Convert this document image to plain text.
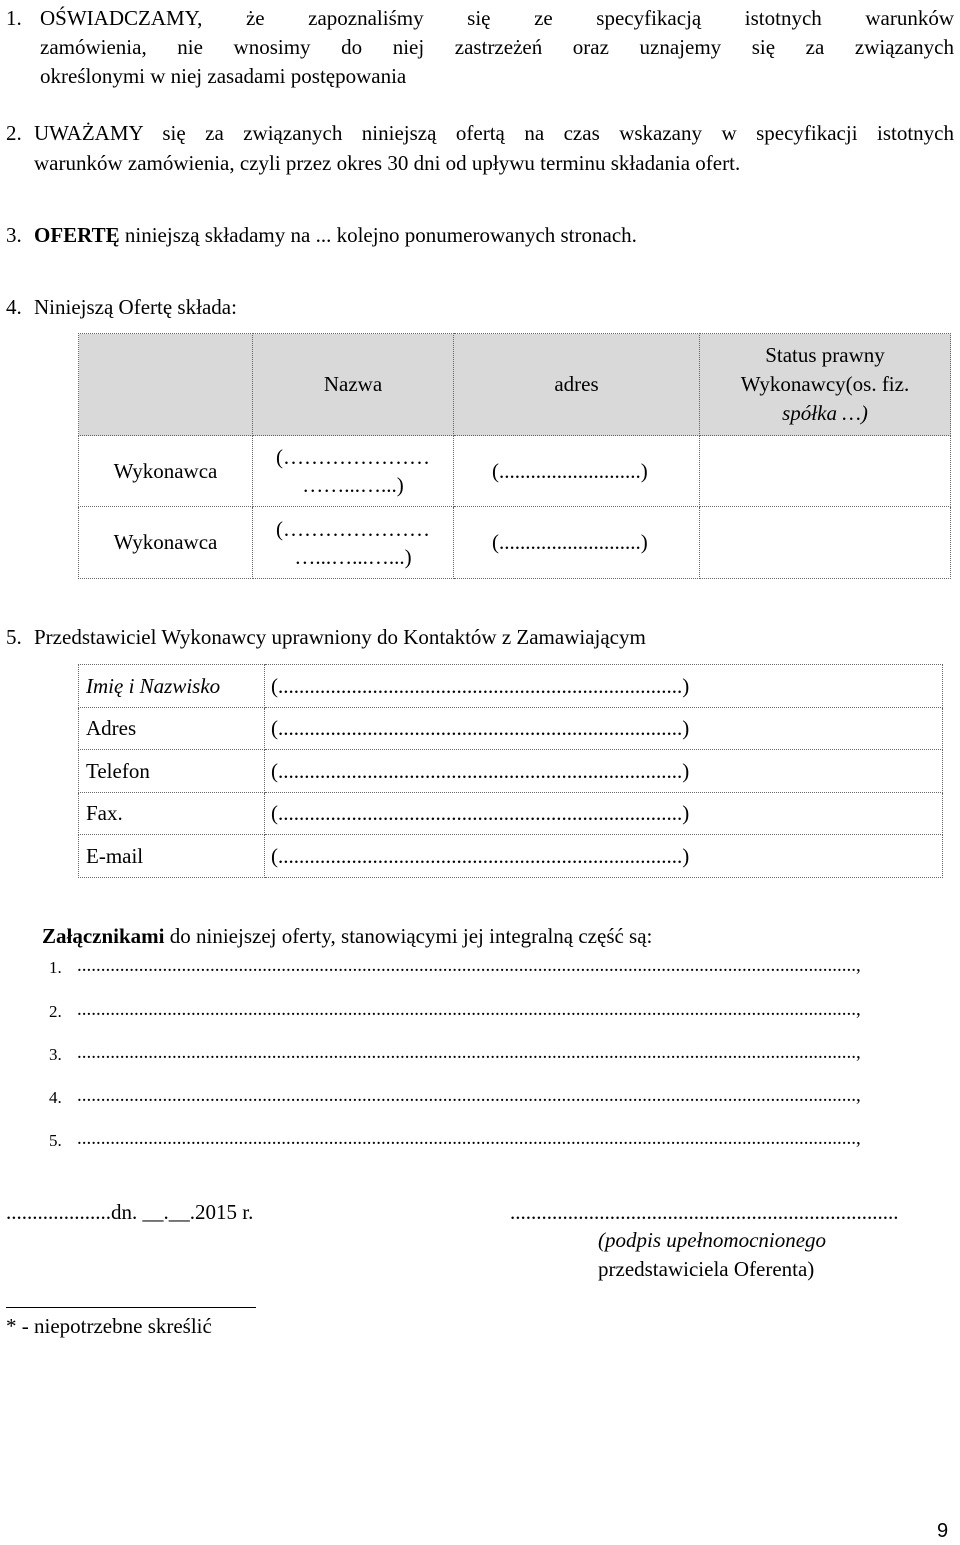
1. OŚWIADCZAMY, że zapoznaliśmy się ze specyfikacją istotnych warunków
zamówienia, nie wnosimy do niej zastrzeżeń oraz uznajemy się za związanych
określonymi w niej zasadami postępowania
2. UWAŻAMY się za związanych niniejszą ofertą na czas wskazany w specyfikacji istotnych
warunków zamówienia, czyli przez okres 30 dni od upływu terminu składania ofert.
3. OFERTĘ niniejszą składamy na ... kolejno ponumerowanych stronach.
4. Niniejszą Ofertę składa:
	Nazwa	adres	Status prawny
Wykonawcy(os. fiz.
spółka …)

Wykonawca	(…………………
……...…...)	(...........................)	
Wykonawca	(…………………
…...…...…...)	(...........................)	
5. Przedstawiciel Wykonawcy uprawniony do Kontaktów z Zamawiającym
Imię i Nazwisko	(.............................................................................)
Adres	(.............................................................................)
Telefon	(.............................................................................)
Fax.	(.............................................................................)
E-mail	(.............................................................................)
Załącznikami do niniejszej oferty, stanowiącymi jej integralną część są:
1. ....................................................................................................................................................................,
2. ....................................................................................................................................................................,
3. ....................................................................................................................................................................,
4. ....................................................................................................................................................................,
5. ....................................................................................................................................................................,
....................dn. __.__.2015 r.	..........................................................................
(podpis upełnomocnionego
przedstawiciela Oferenta)
* - niepotrzebne skreślić
9
